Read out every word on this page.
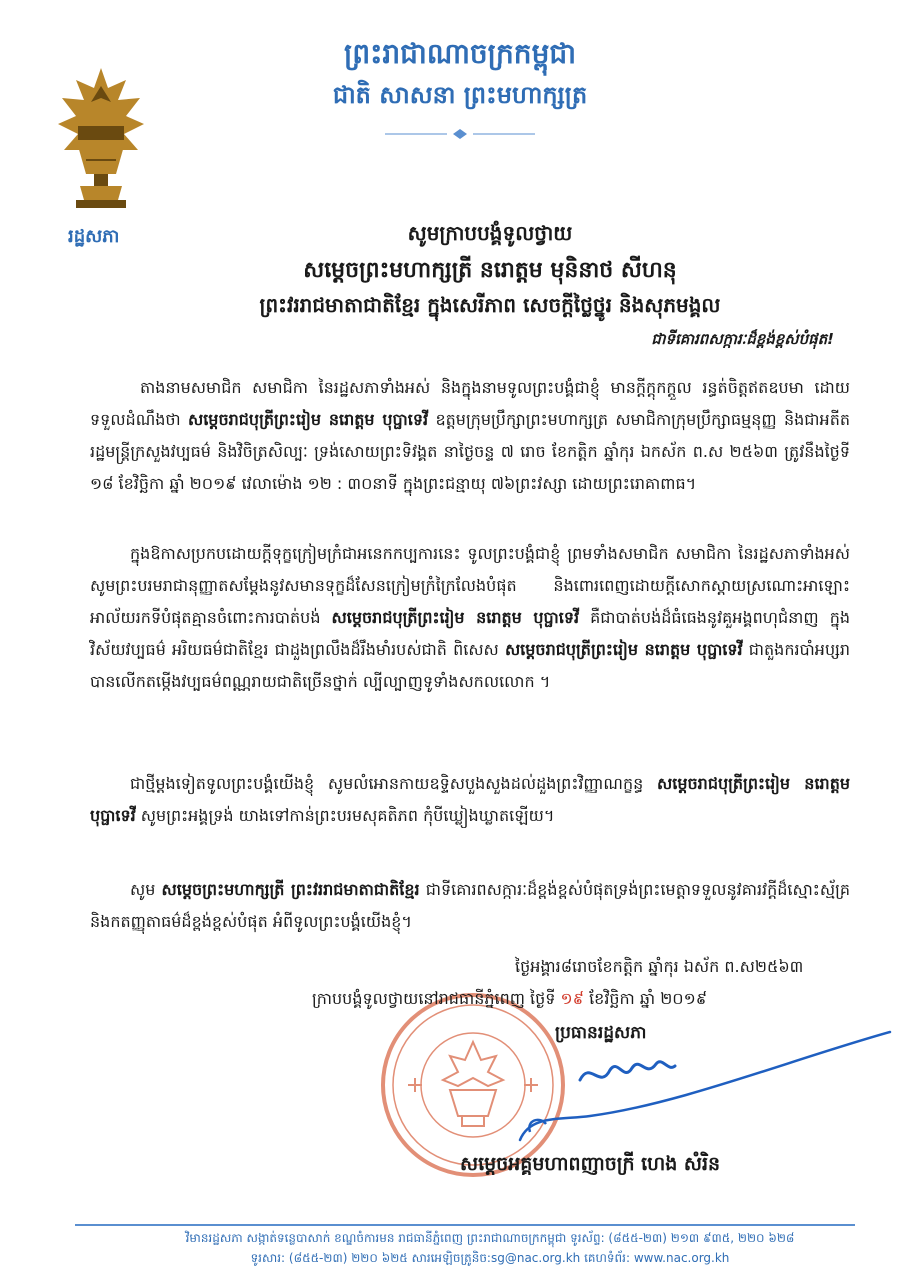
ព្រះរាជាណាចក្រកម្ពុជា
ជាតិ សាសនា ព្រះមហាក្សត្រ
រដ្ឋសភា	សូមក្រាបបង្គំទូលថ្វាយ
សម្តេចព្រះមហាក្សត្រី នរោត្តម មុនិនាថ សីហនុ
ព្រះវររាជមាតាជាតិខ្មែរ ក្នុងសេរីភាព សេចក្តីថ្លៃថ្នូរ និងសុភមង្គល
ជាទីគោរពសក្ការៈដ៏ខ្ពង់ខ្ពស់បំផុត!
តាងនាមសមាជិក សមាជិកា នៃរដ្ឋសភាទាំងអស់ និងក្នុងនាមទូលព្រះបង្គំជាខ្ញុំ មានក្តីក្តុកក្តួល រន្ធត់ចិត្តឥតឧបមា ដោយទទួលដំណឹងថា សម្តេចរាជបុត្រីព្រះរៀម នរោត្តម បុប្ផាទេវី ឧត្តមក្រុមប្រឹក្សាព្រះមហាក្សត្រ សមាជិកាក្រុមប្រឹក្សាធម្មនុញ្ញ និងជាអតីត រដ្ឋមន្ត្រីក្រសួងវប្បធម៌ និងវិចិត្រសិល្បៈ ទ្រង់សោយព្រះទិវង្គត នាថ្ងៃចន្ទ ៧ រោច ខែកត្តិក ឆ្នាំកុរ ឯកស័ក ព.ស ២៥៦៣ ត្រូវនឹងថ្ងៃទី ១៨ ខែវិច្ឆិកា ឆ្នាំ ២០១៩ វេលាម៉ោង ១២ : ៣០នាទី ក្នុងព្រះជន្មាយុ ៧៦ព្រះវស្សា ដោយព្រះរោគាពាធ។
ក្នុងឱកាសប្រកបដោយក្តីទុក្ខក្រៀមក្រំជាអនេកកប្បការនេះ ទូលព្រះបង្គំជាខ្ញុំ ព្រមទាំងសមាជិក សមាជិកា នៃរដ្ឋសភាទាំងអស់ សូមព្រះបរមរាជានុញ្ញាតសម្តែងនូវសមានទុក្ខដ៏សែនក្រៀមក្រំក្រៃលែងបំផុត និងពោរពេញដោយក្តីសោកស្តាយស្រណោះអាឡោះអាល័យរកទីបំផុតគ្មានចំពោះការបាត់បង់ សម្តេចរាជបុត្រីព្រះរៀម នរោត្តម បុប្ផាទេវី គឺជាបាត់បង់ដ៏ធំធេងនូវគួអង្គពហុជំនាញ ក្នុងវិស័យវប្បធម៌ អរិយធម៌ជាតិខ្មែរ ជាដួងព្រលឹងដ៏រឹងមាំរបស់ជាតិ ពិសេស សម្តេចរាជបុត្រីព្រះរៀម នរោត្តម បុប្ផាទេវី ជាតួងករបាំអប្សរា បានលើកតម្កើងវប្បធម៌ពណ្ណរាយជាតិច្រើនថ្នាក់ ល្បីល្បាញទូទាំងសកលលោក ។
ជាថ្មីម្តងទៀតទូលព្រះបង្គំយើងខ្ញុំ សូមលំអោនកាយឧទ្ទិសបួងសួងដល់ដួងព្រះវិញ្ញាណក្ខន្ធ សម្តេចរាជបុត្រីព្រះរៀម នរោត្តម បុប្ផាទេវី សូមព្រះអង្គទ្រង់ យាងទៅកាន់ព្រះបរមសុគតិភព កុំបីឃ្លៀងឃ្លាតឡើយ។
សូម សម្តេចព្រះមហាក្សត្រី ព្រះវររាជមាតាជាតិខ្មែរ ជាទីគោរពសក្ការៈដ៏ខ្ពង់ខ្ពស់បំផុតទ្រង់ព្រះមេត្តាទទួលនូវគារវក្តីដ៏ស្មោះស្ម័គ្រ និងកតញ្ញុតាធម៌ដ៏ខ្ពង់ខ្ពស់បំផុត អំពីទូលព្រះបង្គំយើងខ្ញុំ។
ថ្ងៃអង្គារ៨រោចខែកត្តិក ឆ្នាំកុរ ឯស័ក ព.ស២៥៦៣
ក្រាបបង្គំទូលថ្វាយនៅរាជធានីភ្នំពេញ ថ្ងៃទី ១៩ ខែវិច្ឆិកា ឆ្នាំ ២០១៩
ប្រធានរដ្ឋសភា
សម្តេចអគ្គមហាពញាចក្រី ហេង សំរិន
វិមានរដ្ឋសភា សង្កាត់ទន្លេបាសាក់ ខណ្ឌចំការមន រាជធានីភ្នំពេញ ព្រះរាជាណាចក្រកម្ពុជា ទូរស័ព្ទ: (៨៥៥-២៣) ២១៣ ៩៣៥, ២២០ ៦២៨
ទូរសារ: (៨៥៥-២៣) ២២០ ៦២៥ សារអេឡិចត្រូនិច:sg@nac.org.kh គេហទំព័រ: www.nac.org.kh
